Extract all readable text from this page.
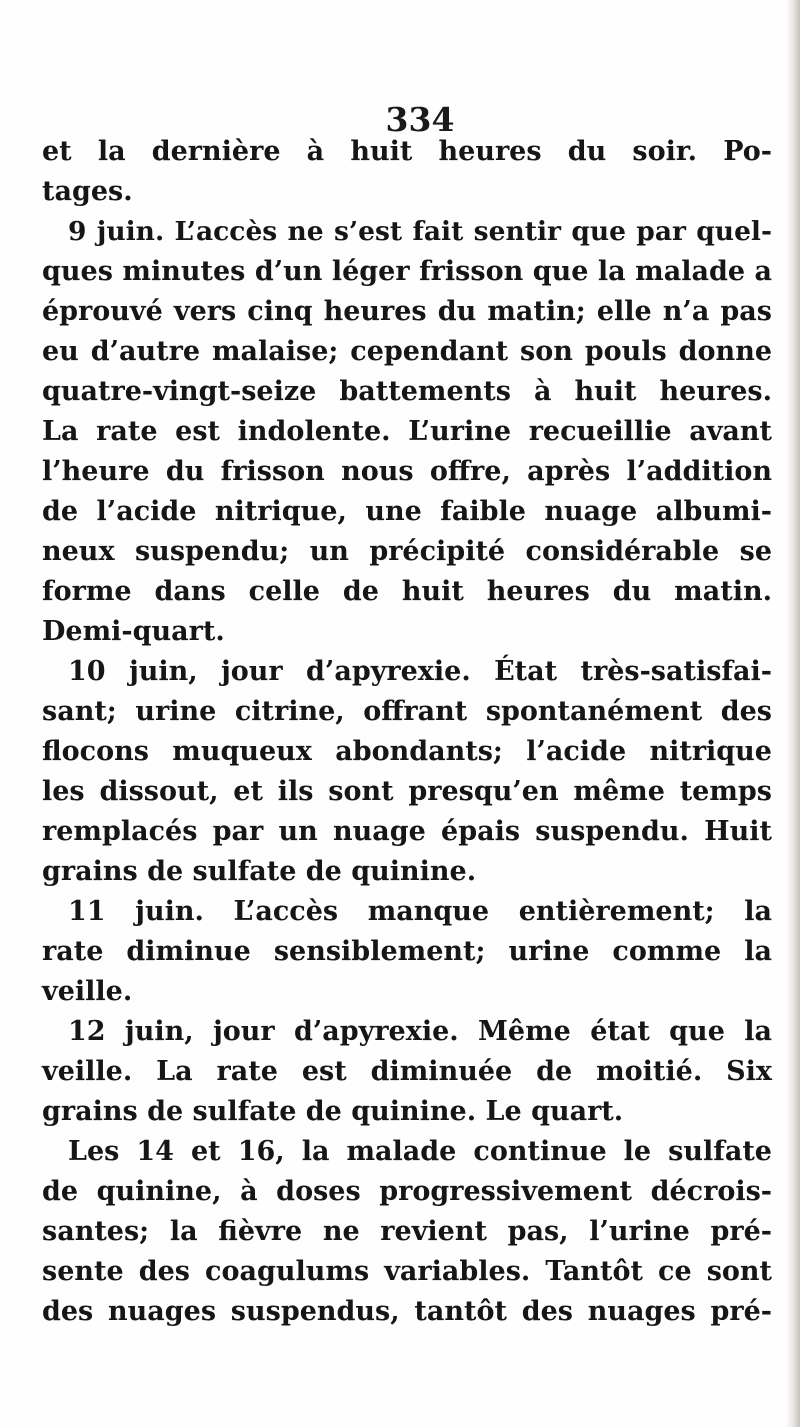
334
et la dernière à huit heures du soir. Po-
tages.
9 juin. L’accès ne s’est fait sentir que par quel-
ques minutes d’un léger frisson que la malade a
éprouvé vers cinq heures du matin; elle n’a pas
eu d’autre malaise; cependant son pouls donne
quatre-vingt-seize battements à huit heures.
La rate est indolente. L’urine recueillie avant
l’heure du frisson nous offre, après l’addition
de l’acide nitrique, une faible nuage albumi-
neux suspendu; un précipité considérable se
forme dans celle de huit heures du matin.
Demi-quart.
10 juin, jour d’apyrexie. État très-satisfai-
sant; urine citrine, offrant spontanément des
flocons muqueux abondants; l’acide nitrique
les dissout, et ils sont presqu’en même temps
remplacés par un nuage épais suspendu. Huit
grains de sulfate de quinine.
11 juin. L’accès manque entièrement; la
rate diminue sensiblement; urine comme la
veille.
12 juin, jour d’apyrexie. Même état que la
veille. La rate est diminuée de moitié. Six
grains de sulfate de quinine. Le quart.
Les 14 et 16, la malade continue le sulfate
de quinine, à doses progressivement décrois-
santes; la fièvre ne revient pas, l’urine pré-
sente des coagulums variables. Tantôt ce sont
des nuages suspendus, tantôt des nuages pré-
